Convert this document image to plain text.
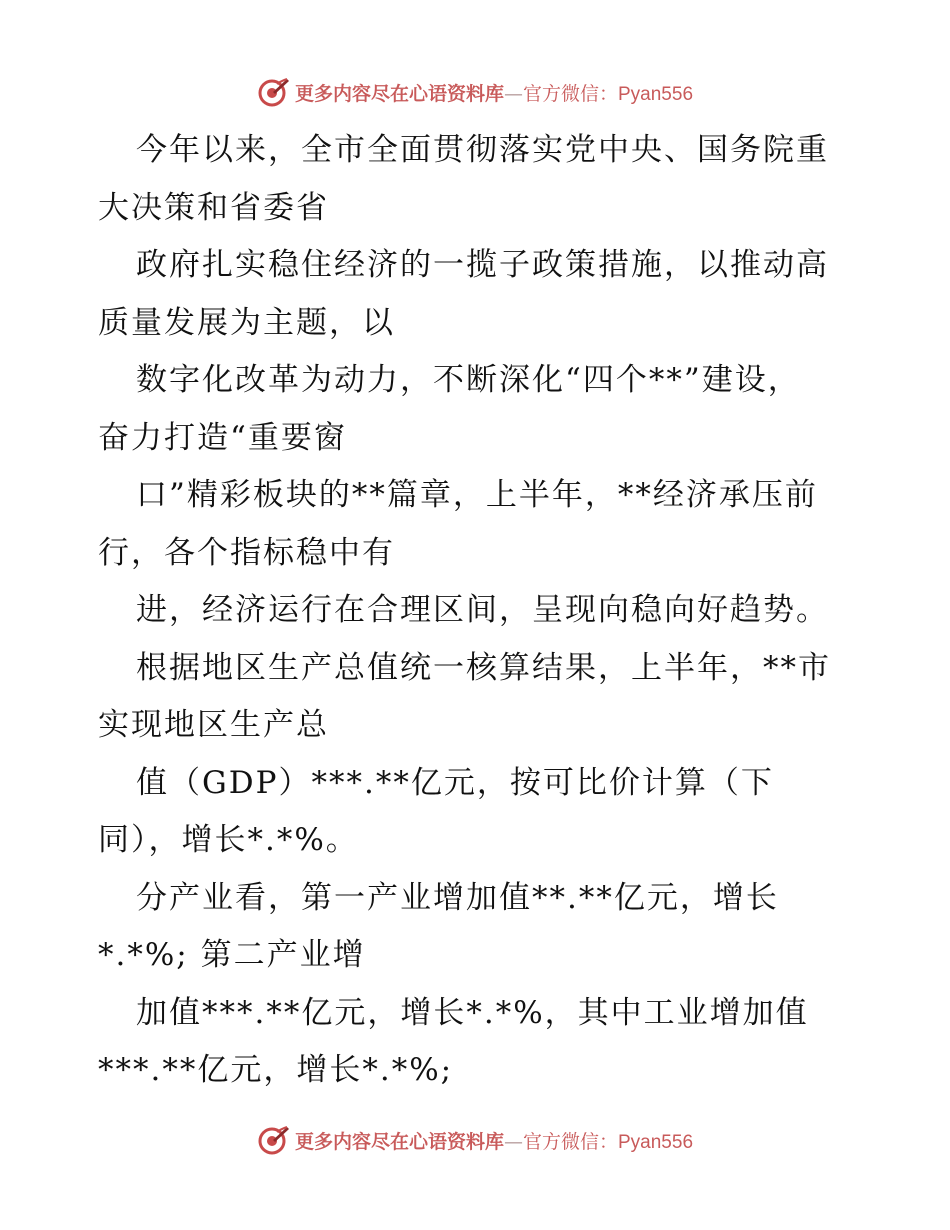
更多内容尽在心语资料库—官方微信：Pyan556
今年以来，全市全面贯彻落实党中央、国务院重
大决策和省委省
政府扎实稳住经济的一揽子政策措施，以推动高
质量发展为主题，以
数字化改革为动力，不断深化“四个**”建设，
奋力打造“重要窗
口”精彩板块的**篇章，上半年，**经济承压前
行，各个指标稳中有
进，经济运行在合理区间，呈现向稳向好趋势。
根据地区生产总值统一核算结果，上半年，**市
实现地区生产总
值（GDP）***.**亿元，按可比价计算（下
同），增长*.*%。
分产业看，第一产业增加值**.**亿元，增长
*.*%; 第二产业增
加值***.**亿元，增长*.*%，其中工业增加值
***.**亿元，增长*.*%;
更多内容尽在心语资料库—官方微信：Pyan556
